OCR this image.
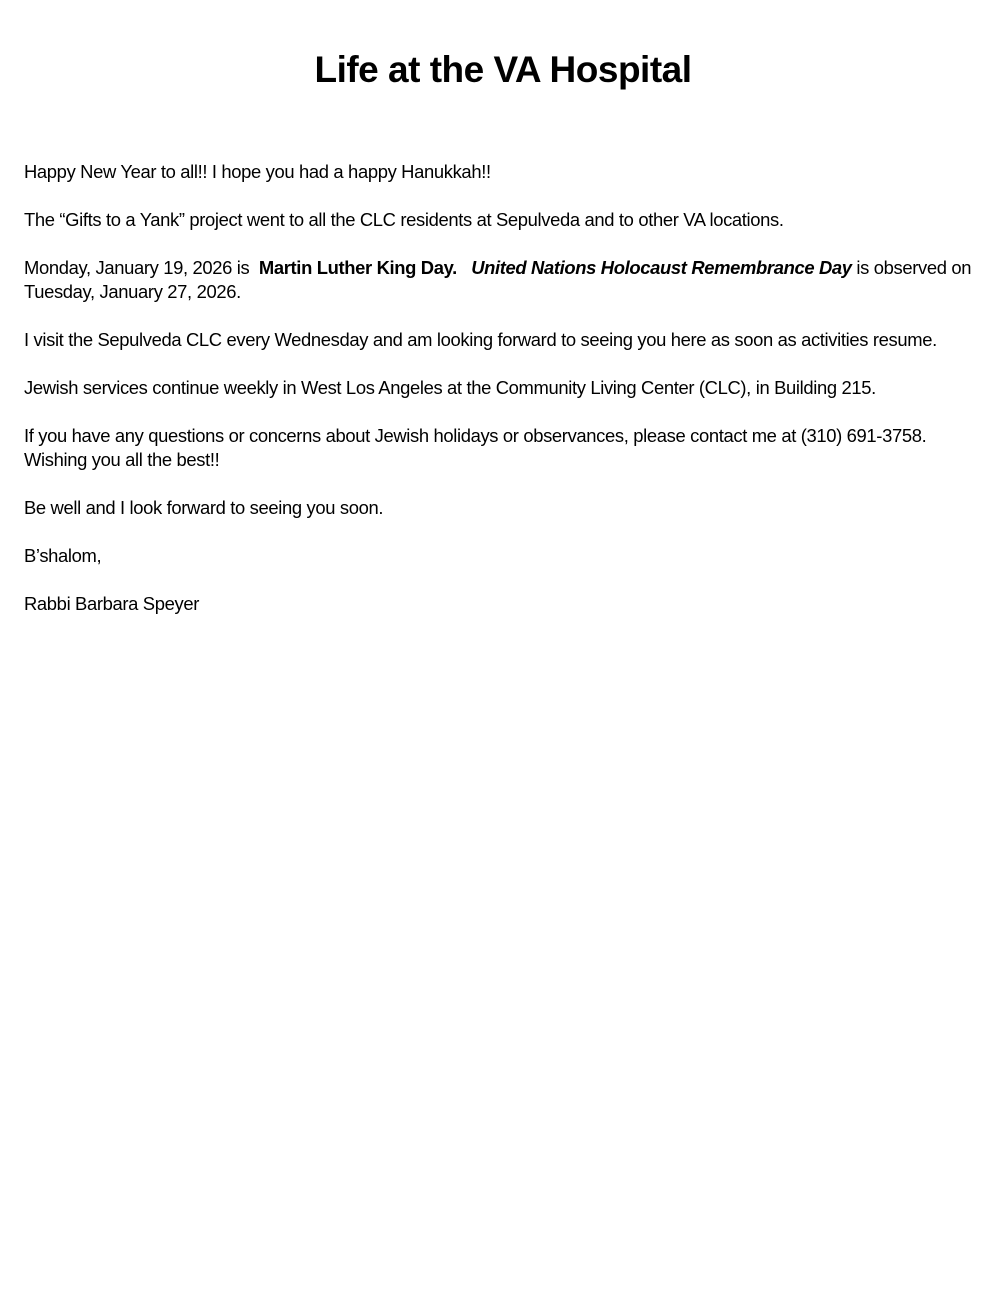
Life at the VA Hospital

Happy New Year to all!! I hope you had a happy Hanukkah!!

The “Gifts to a Yank” project went to all the CLC residents at Sepulveda and to other VA locations.

Monday, January 19, 2026 is  Martin Luther King Day. United Nations Holocaust Remembrance Day is observed on Tuesday, January 27, 2026.

I visit the Sepulveda CLC every Wednesday and am looking forward to seeing you here as soon as activities resume.

Jewish services continue weekly in West Los Angeles at the Community Living Center (CLC), in Building 215.

If you have any questions or concerns about Jewish holidays or observances, please contact me at (310) 691-3758.
Wishing you all the best!!

Be well and I look forward to seeing you soon.

B’shalom,

Rabbi Barbara Speyer
